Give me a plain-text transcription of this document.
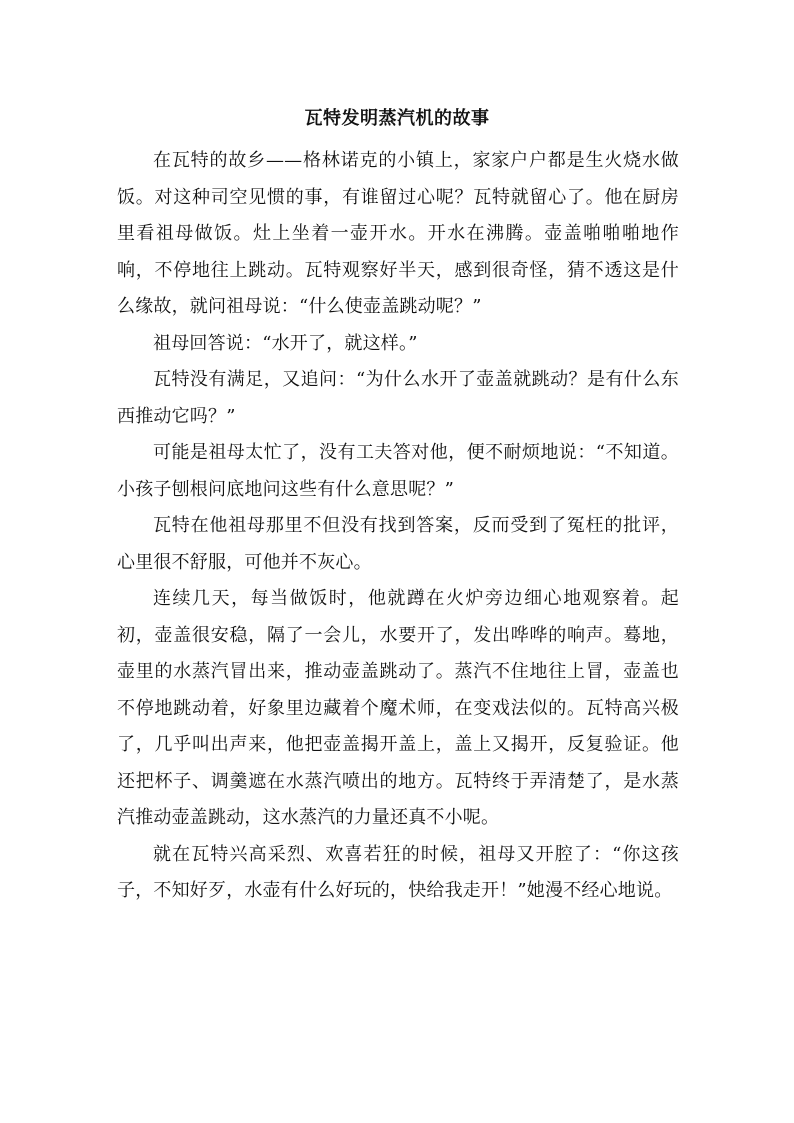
瓦特发明蒸汽机的故事

在瓦特的故乡——格林诺克的小镇上，家家户户都是生火烧水做饭。对这种司空见惯的事，有谁留过心呢？瓦特就留心了。他在厨房里看祖母做饭。灶上坐着一壶开水。开水在沸腾。壶盖啪啪啪地作响，不停地往上跳动。瓦特观察好半天，感到很奇怪，猜不透这是什么缘故，就问祖母说：“什么使壶盖跳动呢？”

祖母回答说：“水开了，就这样。”

瓦特没有满足，又追问：“为什么水开了壶盖就跳动？是有什么东西推动它吗？”

可能是祖母太忙了，没有工夫答对他，便不耐烦地说：“不知道。小孩子刨根问底地问这些有什么意思呢？”

瓦特在他祖母那里不但没有找到答案，反而受到了冤枉的批评，心里很不舒服，可他并不灰心。

连续几天，每当做饭时，他就蹲在火炉旁边细心地观察着。起初，壶盖很安稳，隔了一会儿，水要开了，发出哗哗的响声。蓦地，壶里的水蒸汽冒出来，推动壶盖跳动了。蒸汽不住地往上冒，壶盖也不停地跳动着，好象里边藏着个魔术师，在变戏法似的。瓦特高兴极了，几乎叫出声来，他把壶盖揭开盖上，盖上又揭开，反复验证。他还把杯子、调羹遮在水蒸汽喷出的地方。瓦特终于弄清楚了，是水蒸汽推动壶盖跳动，这水蒸汽的力量还真不小呢。

就在瓦特兴高采烈、欢喜若狂的时候，祖母又开腔了：“你这孩子，不知好歹，水壶有什么好玩的，快给我走开！”她漫不经心地说。
